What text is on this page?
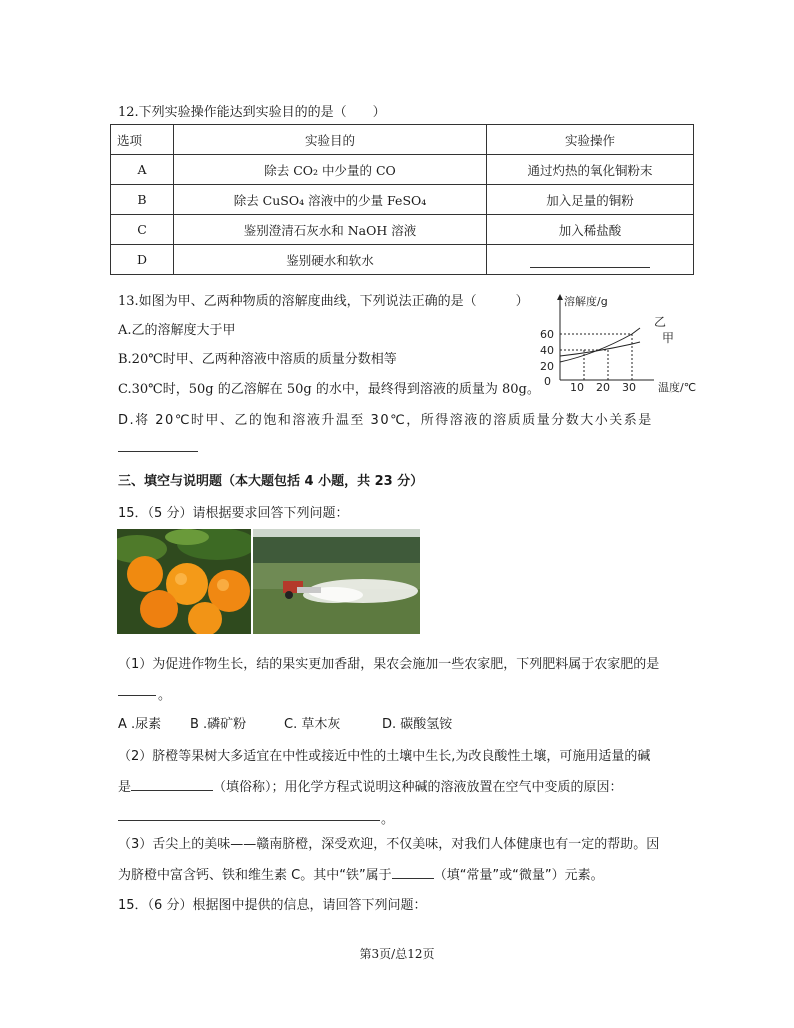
12.下列实验操作能达到实验目的的是（　　）
选项	实验目的	实验操作
A	除去 CO₂ 中少量的 CO	通过灼热的氧化铜粉末
B	除去 CuSO₄ 溶液中的少量 FeSO₄	加入足量的铜粉
C	鉴别澄清石灰水和 NaOH 溶液	加入稀盐酸
D	鉴别硬水和软水	
13.如图为甲、乙两种物质的溶解度曲线，下列说法正确的是（　　　）
A.乙的溶解度大于甲
B.20℃时甲、乙两种溶液中溶质的质量分数相等
C.30℃时，50g 的乙溶解在 50g 的水中，最终得到溶液的质量为 80g。
D.将 20℃时甲、乙的饱和溶液升温至 30℃，所得溶液的溶质质量分数大小关系是
溶解度/g
60
40
20
0
乙
甲
10 20 30 温度/℃
三、填空与说明题（本大题包括 4 小题，共 23 分）
15．（5 分）请根据要求回答下列问题：
（1）为促进作物生长，结的果实更加香甜，果农会施加一些农家肥，下列肥料属于农家肥的是
。
A .尿素 B .磷矿粉	C. 草木灰	D. 碳酸氢铵
（2）脐橙等果树大多适宜在中性或接近中性的土壤中生长,为改良酸性土壤，可施用适量的碱
是	（填俗称）；用化学方程式说明这种碱的溶液放置在空气中变质的原因：
。
（3）舌尖上的美味——赣南脐橙，深受欢迎，不仅美味，对我们人体健康也有一定的帮助。因
为脐橙中富含钙、铁和维生素 C。其中“铁”属于	（填“常量”或“微量”）元素。
15．（6 分）根据图中提供的信息，请回答下列问题：
第3页/总12页
